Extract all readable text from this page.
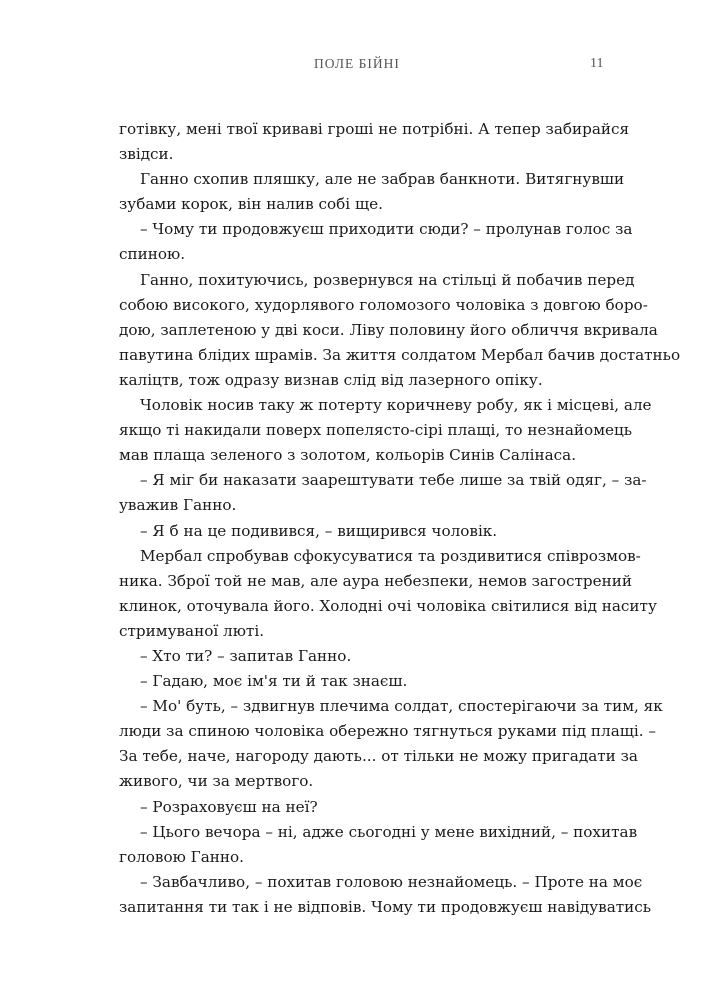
ПОЛЕ БІЙНІ	11
готівку, мені твої криваві гроші не потрібні. А тепер забирайся
звідси.
Ганно схопив пляшку, але не забрав банкноти. Витягнувши
зубами корок, він налив собі ще.
– Чому ти продовжуєш приходити сюди? – пролунав голос за
спиною.
Ганно, похитуючись, розвернувся на стільці й побачив перед
собою високого, худорлявого голомозого чоловіка з довгою боро-
дою, заплетеною у дві коси. Ліву половину його обличчя вкривала
павутина блідих шрамів. За життя солдатом Мербал бачив достатньо
каліцтв, тож одразу визнав слід від лазерного опіку.
Чоловік носив таку ж потерту коричневу робу, як і місцеві, але
якщо ті накидали поверх попелясто-сірі плащі, то незнайомець
мав плаща зеленого з золотом, кольорів Синів Салінаса.
– Я міг би наказати заарештувати тебе лише за твій одяг, – за-
уважив Ганно.
– Я б на це подивився, – вищирився чоловік.
Мербал спробував сфокусуватися та роздивитися співрозмов-
ника. Зброї той не мав, але аура небезпеки, немов загострений
клинок, оточувала його. Холодні очі чоловіка світилися від наситу
стримуваної люті.
– Хто ти? – запитав Ганно.
– Гадаю, моє ім'я ти й так знаєш.
– Мо' буть, – здвигнув плечима солдат, спостерігаючи за тим, як
люди за спиною чоловіка обережно тягнуться руками під плащі. –
За тебе, наче, нагороду дають... от тільки не можу пригадати за
живого, чи за мертвого.
– Розраховуєш на неї?
– Цього вечора – ні, адже сьогодні у мене вихідний, – похитав
головою Ганно.
– Завбачливо, – похитав головою незнайомець. – Проте на моє
запитання ти так і не відповів. Чому ти продовжуєш навідуватись
